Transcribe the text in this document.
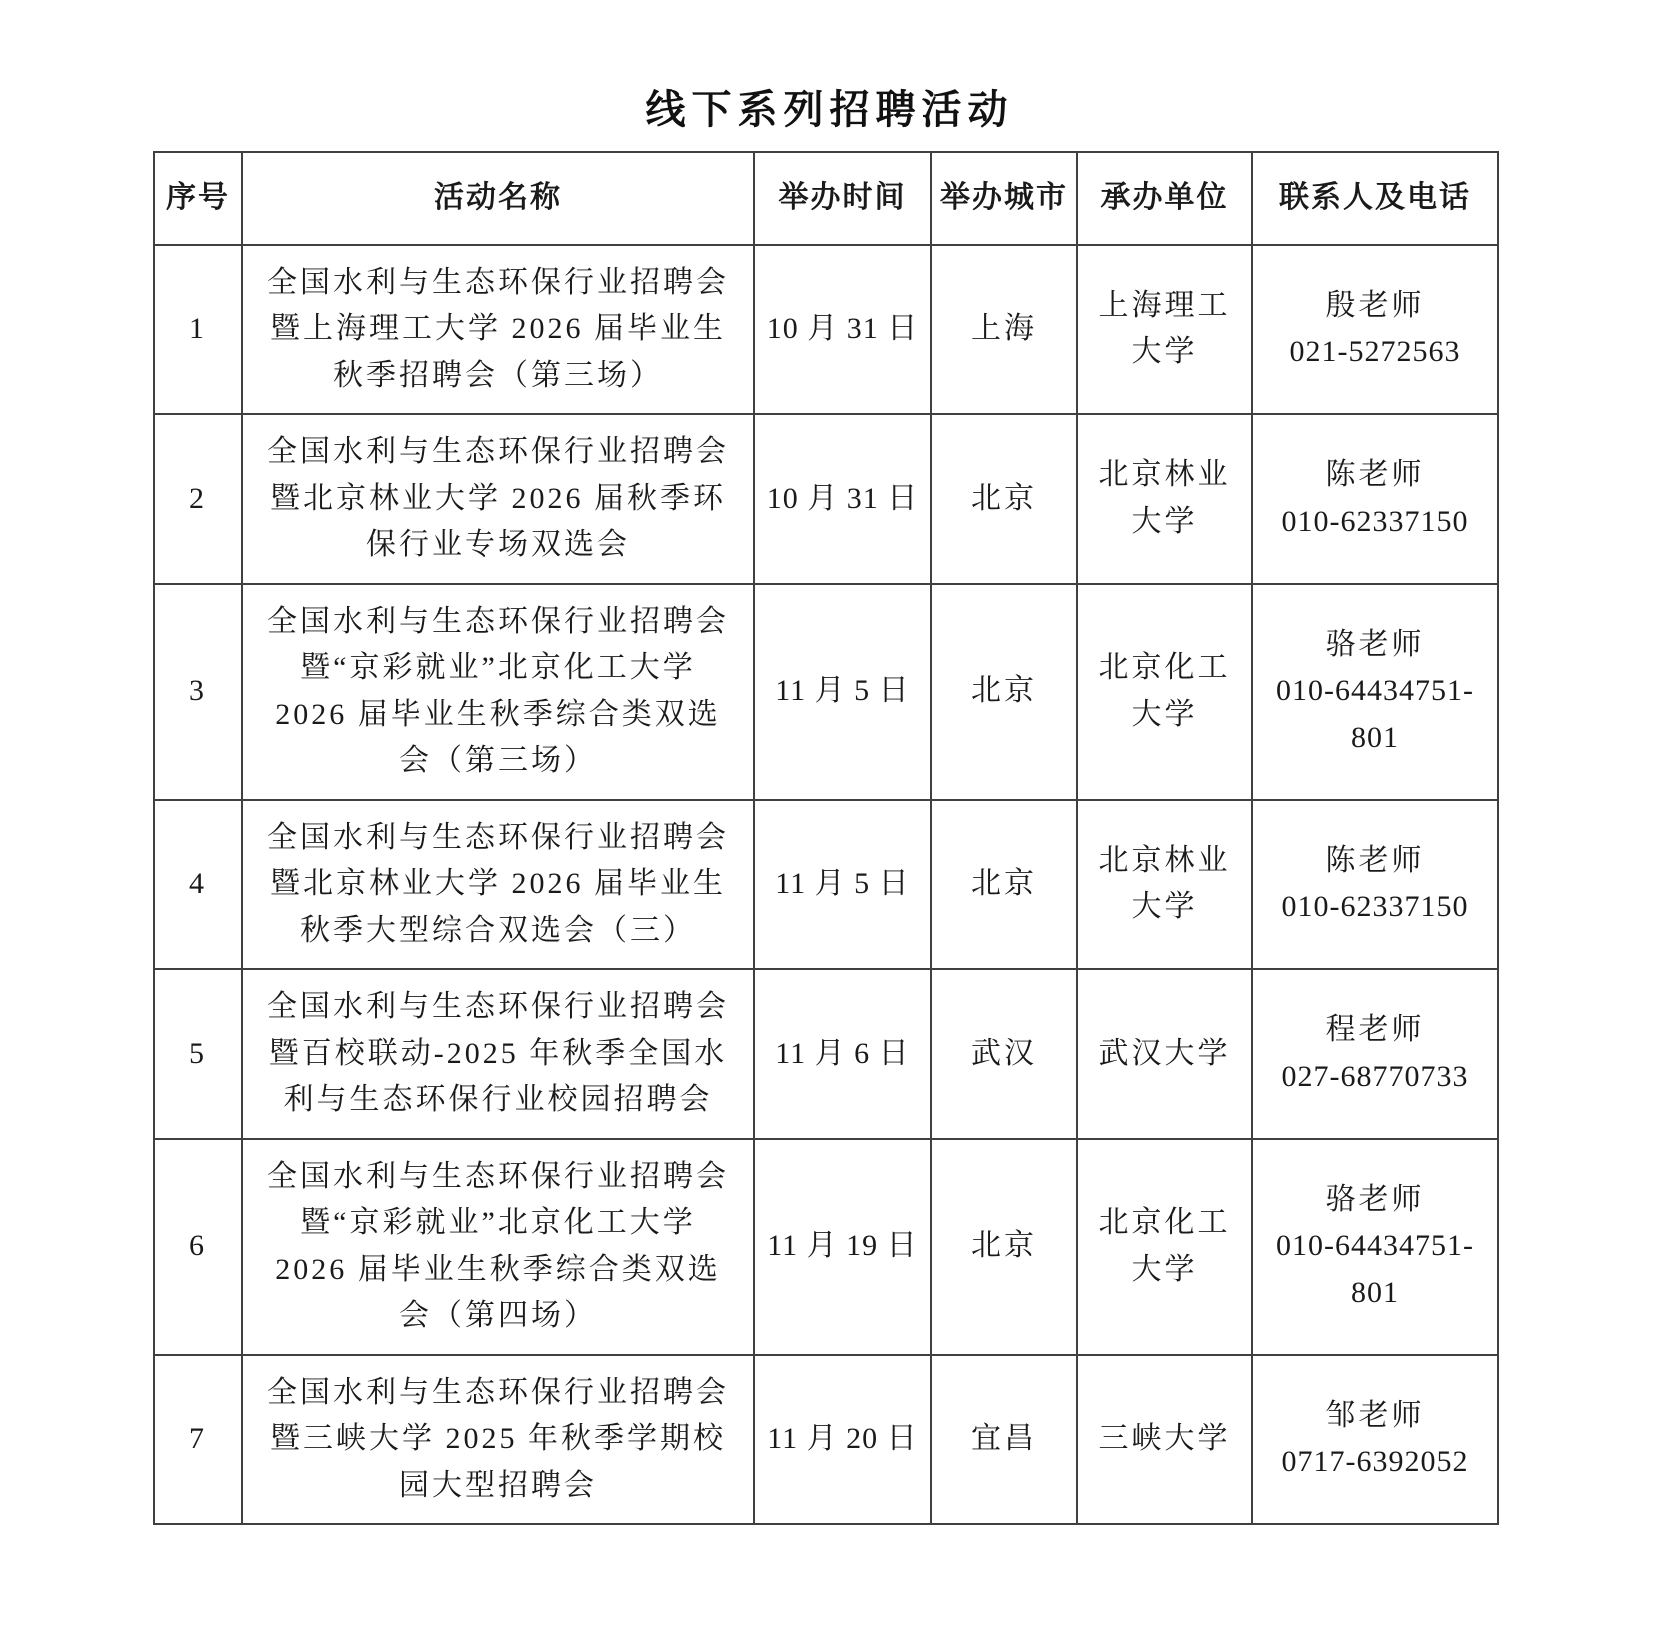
线下系列招聘活动
序号	活动名称	举办时间	举办城市	承办单位	联系人及电话
1	全国水利与生态环保行业招聘会暨上海理工大学 2026 届毕业生秋季招聘会（第三场）	10 月 31 日	上海	上海理工大学	殷老师
021-5272563

2	全国水利与生态环保行业招聘会暨北京林业大学 2026 届秋季环保行业专场双选会	10 月 31 日	北京	北京林业大学	陈老师
010-62337150

3	全国水利与生态环保行业招聘会暨“京彩就业”北京化工大学 2026 届毕业生秋季综合类双选会（第三场）	11 月 5 日	北京	北京化工大学	骆老师
010-64434751-801

4	全国水利与生态环保行业招聘会暨北京林业大学 2026 届毕业生秋季大型综合双选会（三）	11 月 5 日	北京	北京林业大学	陈老师
010-62337150

5	全国水利与生态环保行业招聘会暨百校联动-2025 年秋季全国水利与生态环保行业校园招聘会	11 月 6 日	武汉	武汉大学	程老师
027-68770733

6	全国水利与生态环保行业招聘会暨“京彩就业”北京化工大学 2026 届毕业生秋季综合类双选会（第四场）	11 月 19 日	北京	北京化工大学	骆老师
010-64434751-801

7	全国水利与生态环保行业招聘会暨三峡大学 2025 年秋季学期校园大型招聘会	11 月 20 日	宜昌	三峡大学	邹老师
0717-6392052
